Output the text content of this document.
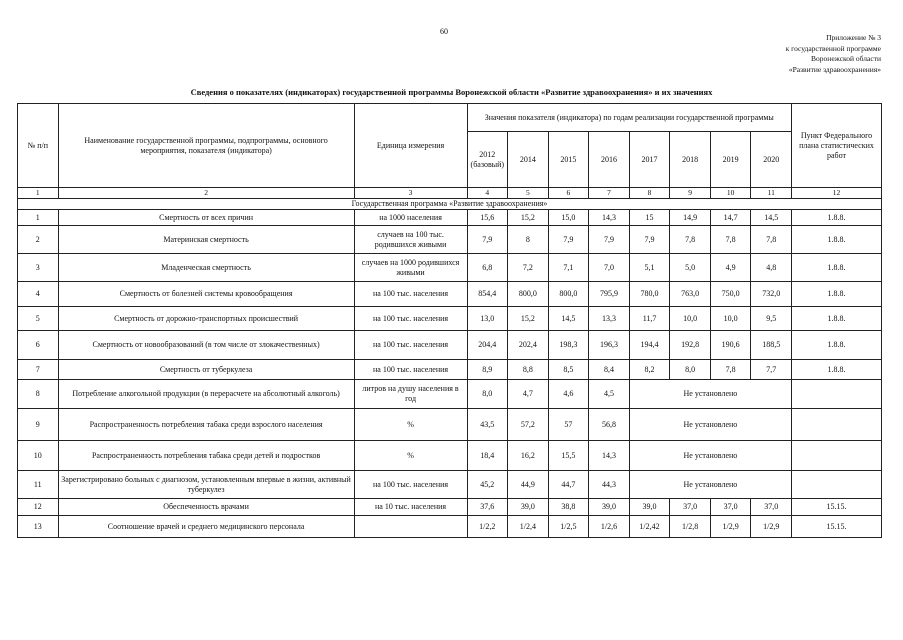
60
Приложение № 3
к государственной программе
Воронежской области
«Развитие здравоохранения»
Сведения о показателях (индикаторах) государственной программы Воронежской области «Развитие здравоохранения» и их значениях
№ п/п	Наименование государственной программы, подпрограммы, основного мероприятия, показателя (индикатора)	Единица измерения	Значения показателя (индикатора) по годам реализации государственной программы								Пункт Федерального плана статистических работ
			2012 (базовый)	2014	2015	2016	2017	2018	2019	2020	
1	2	3	4	5	6	7	8	9	10	11	12
Государственная программа «Развитие здравоохранения»											
1	Смертность от всех причин	на 1000 населения	15,6	15,2	15,0	14,3	15	14,9	14,7	14,5	1.8.8.
2	Материнская смертность	случаев на 100 тыс. родившихся живыми	7,9	8	7,9	7,9	7,9	7,8	7,8	7,8	1.8.8.
3	Младенческая смертность	случаев на 1000 родившихся живыми	6,8	7,2	7,1	7,0	5,1	5,0	4,9	4,8	1.8.8.
4	Смертность от болезней системы кровообращения	на 100 тыс. населения	854,4	800,0	800,0	795,9	780,0	763,0	750,0	732,0	1.8.8.
5	Смертность от дорожно-транспортных происшествий	на 100 тыс. населения	13,0	15,2	14,5	13,3	11,7	10,0	10,0	9,5	1.8.8.
6	Смертность от новообразований (в том числе от злокачественных)	на 100 тыс. населения	204,4	202,4	198,3	196,3	194,4	192,8	190,6	188,5	1.8.8.
7	Смертность от туберкулеза	на 100 тыс. населения	8,9	8,8	8,5	8,4	8,2	8,0	7,8	7,7	1.8.8.
8	Потребление алкогольной продукции (в перерасчете на абсолютный алкоголь)	литров на душу населения в год	8,0	4,7	4,6	4,5	Не установлено				
9	Распространенность потребления табака среди взрослого населения	%	43,5	57,2	57	56,8	Не установлено				
10	Распространенность потребления табака среди детей и подростков	%	18,4	16,2	15,5	14,3	Не установлено				
11	Зарегистрировано больных с диагнозом, установленным впервые в жизни, активный туберкулез	на 100 тыс. населения	45,2	44,9	44,7	44,3	Не установлено				
12	Обеспеченность врачами	на 10 тыс. населения	37,6	39,0	38,8	39,0	39,0	37,0	37,0	37,0	15.15.
13	Соотношение врачей и среднего медицинского персонала		1/2,2	1/2,4	1/2,5	1/2,6	1/2,42	1/2,8	1/2,9	1/2,9	15.15.
